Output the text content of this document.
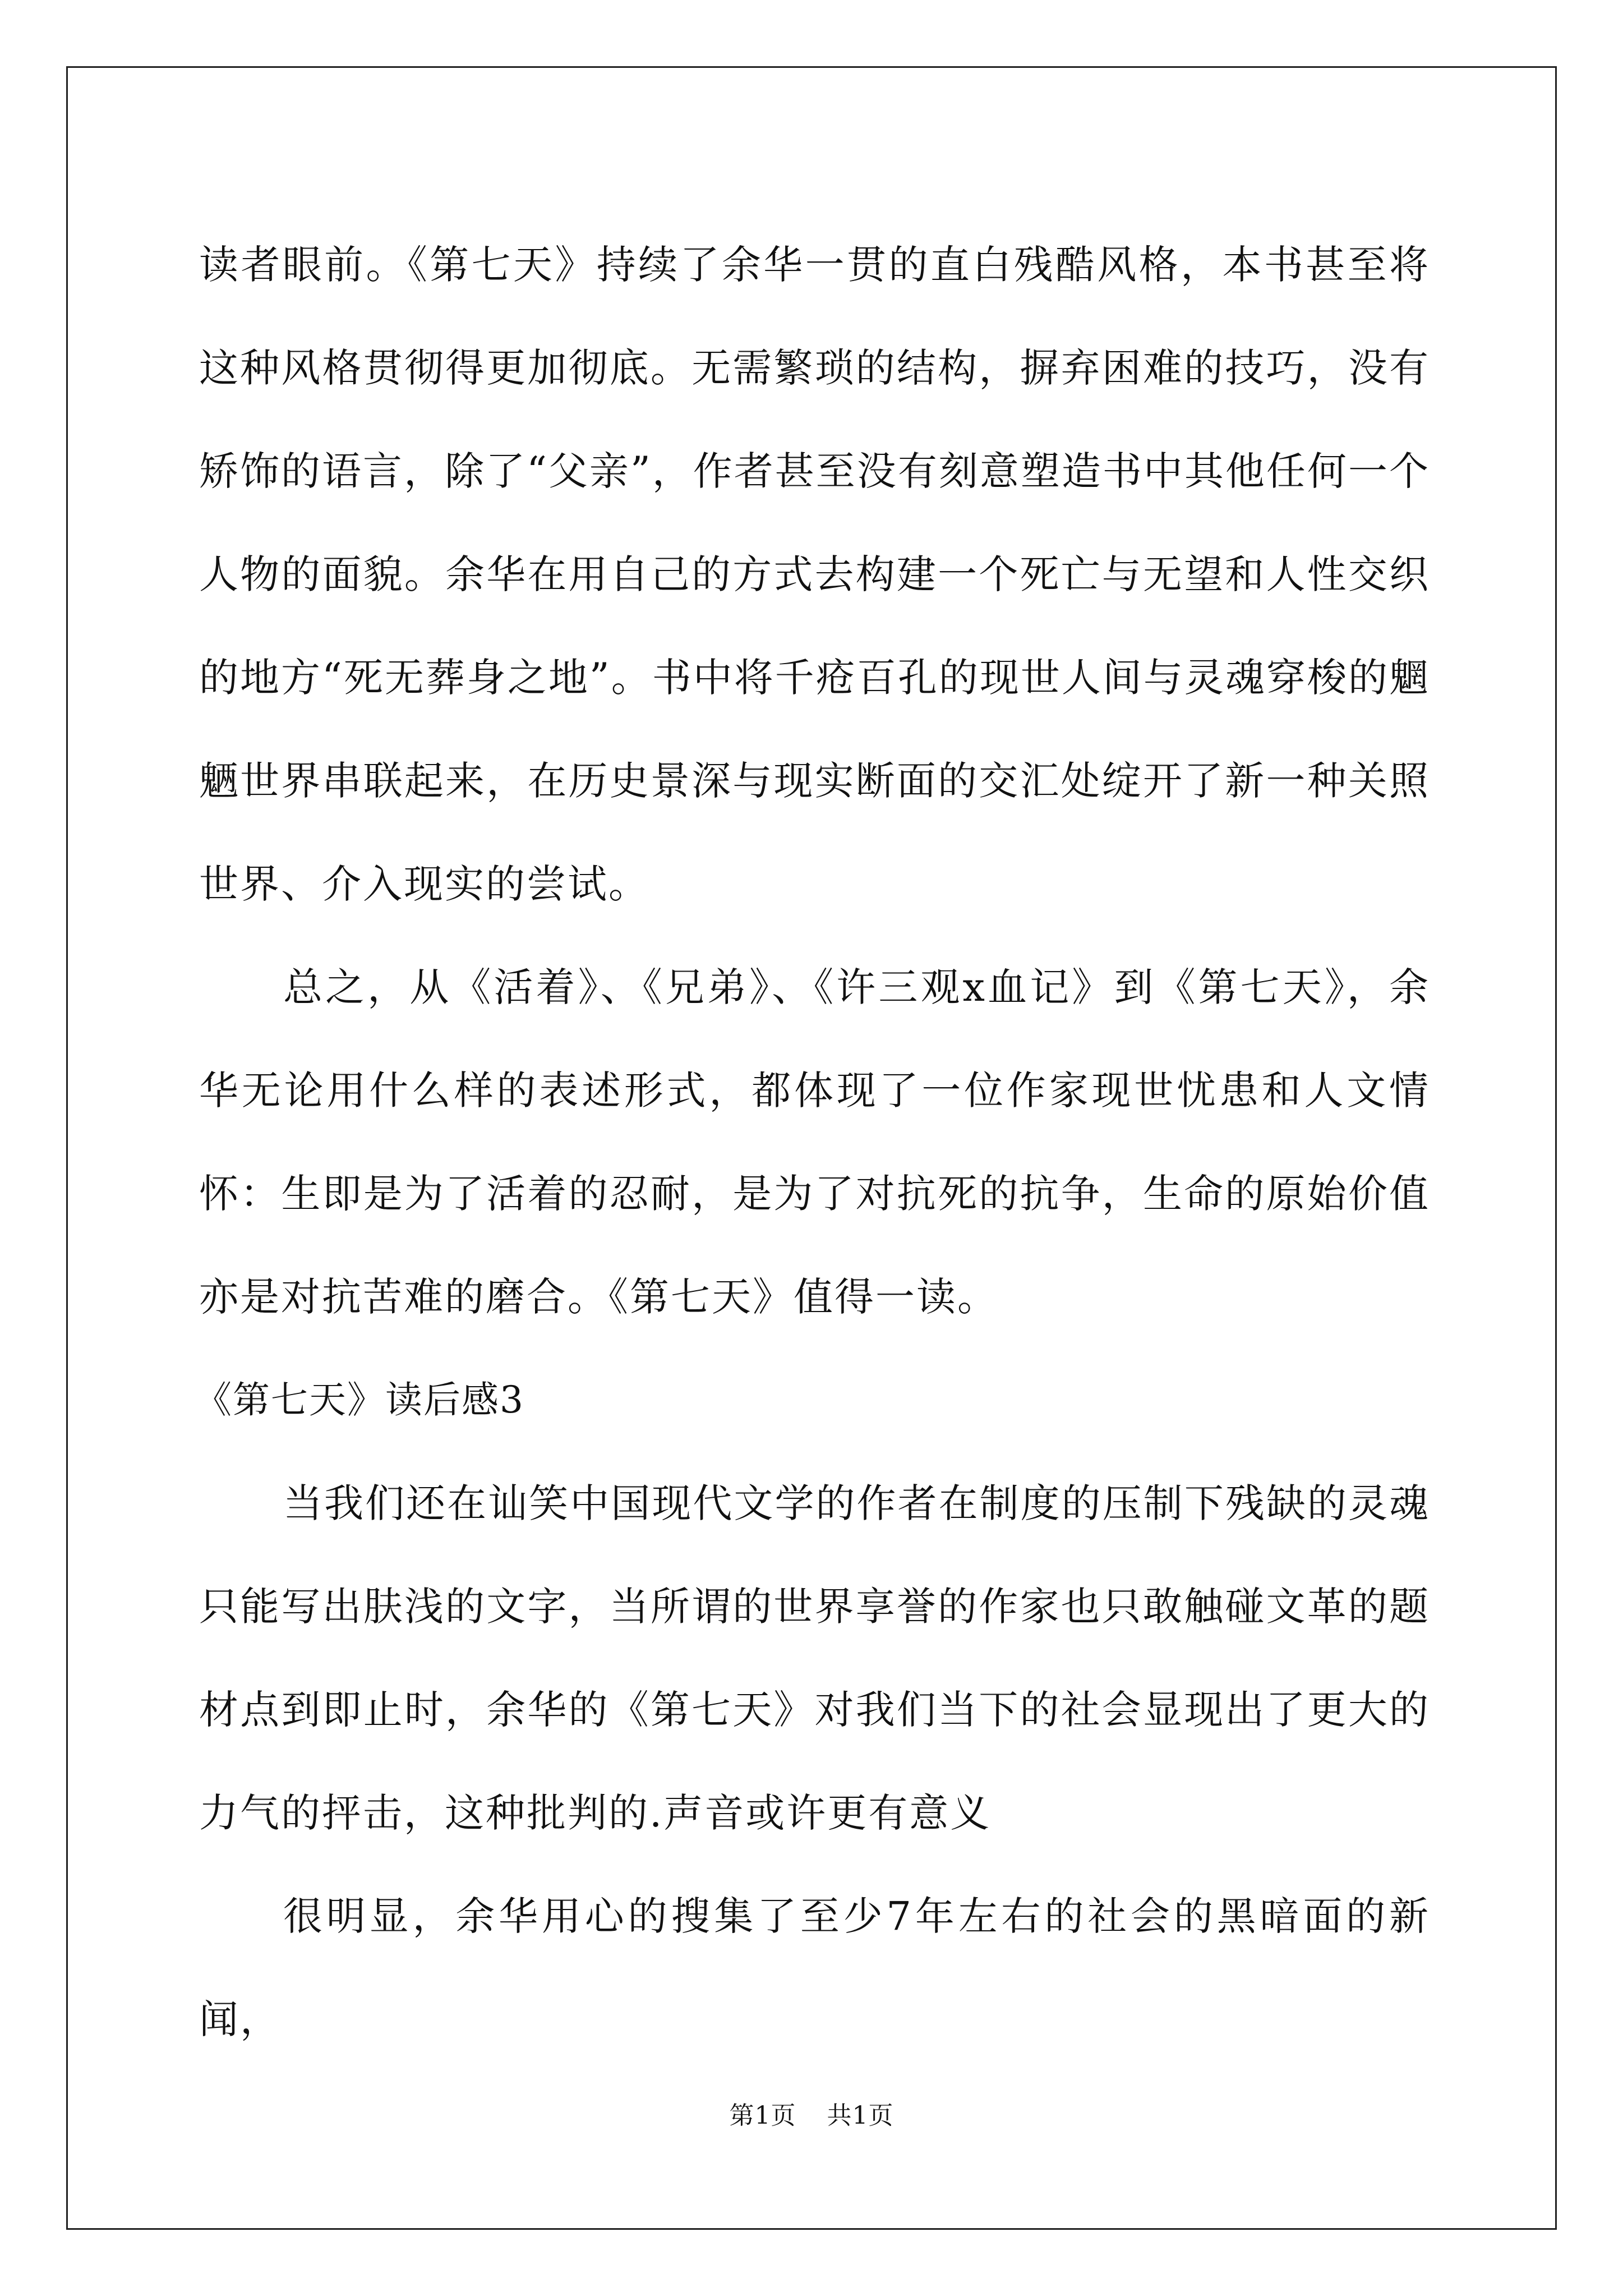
读者眼前。《第七天》持续了余华一贯的直白残酷风格，本书甚至将这种风格贯彻得更加彻底。无需繁琐的结构，摒弃困难的技巧，没有矫饰的语言，除了“父亲”，作者甚至没有刻意塑造书中其他任何一个人物的面貌。余华在用自己的方式去构建一个死亡与无望和人性交织的地方“死无葬身之地”。书中将千疮百孔的现世人间与灵魂穿梭的魍魉世界串联起来，在历史景深与现实断面的交汇处绽开了新一种关照世界、介入现实的尝试。

总之，从《活着》、《兄弟》、《许三观x血记》到《第七天》，余华无论用什么样的表述形式，都体现了一位作家现世忧患和人文情怀：生即是为了活着的忍耐，是为了对抗死的抗争，生命的原始价值亦是对抗苦难的磨合。《第七天》值得一读。

《第七天》读后感3

当我们还在讪笑中国现代文学的作者在制度的压制下残缺的灵魂只能写出肤浅的文字，当所谓的世界享誉的作家也只敢触碰文革的题材点到即止时，余华的《第七天》对我们当下的社会显现出了更大的力气的抨击，这种批判的.声音或许更有意义

很明显，余华用心的搜集了至少7年左右的社会的黑暗面的新闻，

第1页 共1页
